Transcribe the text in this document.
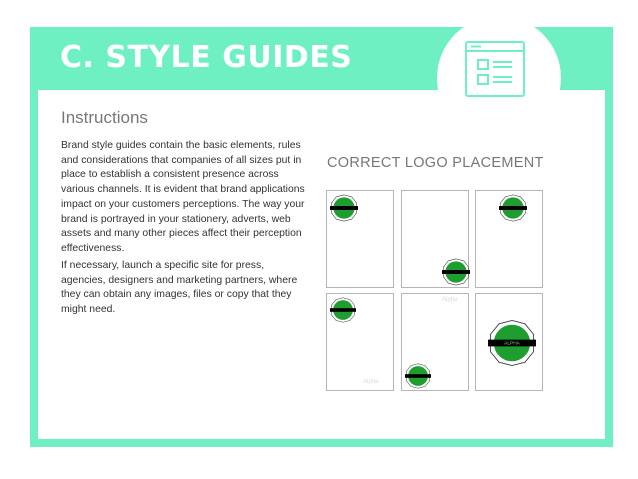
C. STYLE GUIDES
Instructions

Brand style guides contain the basic elements, rules and considerations that companies of all sizes put in place to establish a consistent presence across various channels. It is evident that brand applications impact on your customers perceptions. The way your brand is portrayed in your stationery, adverts, web assets and many other pieces affect their perception effectiveness.

If necessary, launch a specific site for press, agencies, designers and marketing partners, where they can obtain any images, files or copy that they might need.

CORRECT LOGO PLACEMENT
Alpha
Alpha
ALPHA
